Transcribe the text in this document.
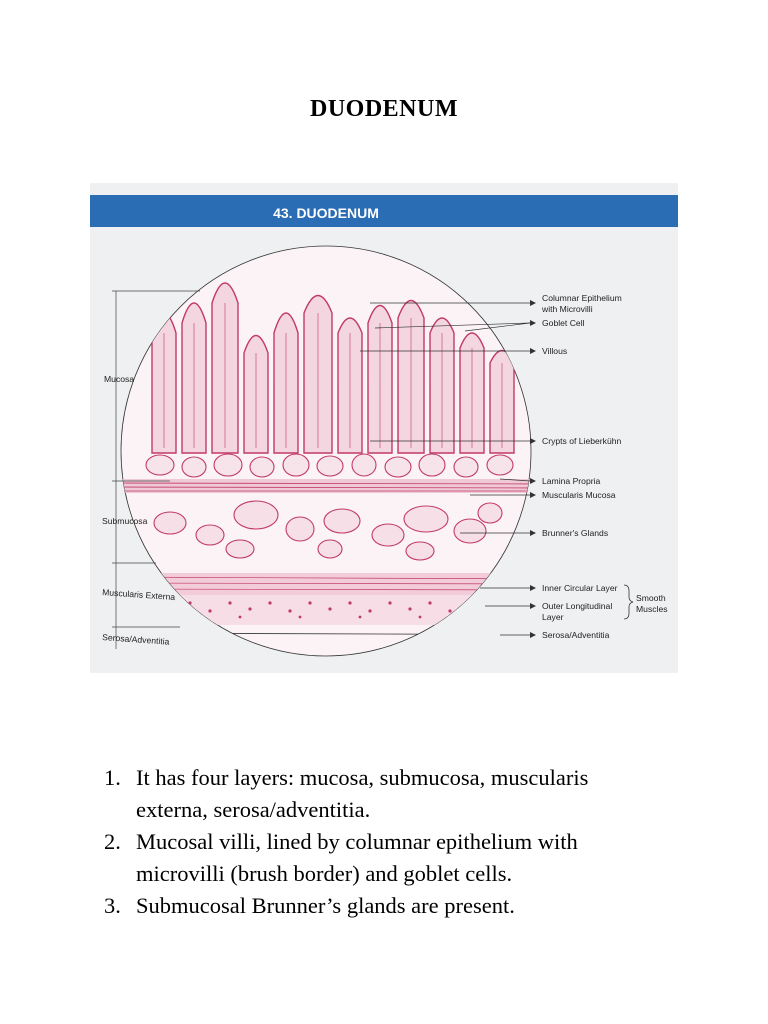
DUODENUM
43. DUODENUM
Mucosa
Submucosa
Muscularis Externa
Serosa/Adventitia
Columnar Epithelium
with Microvilli
Goblet Cell
Villous
Crypts of Lieberkühn
Lamina Propria
Muscularis Mucosa
Brunner's Glands
Inner Circular Layer
Outer Longitudinal
Layer
Serosa/Adventitia
Smooth
Muscles
1. It has four layers: mucosa, submucosa, muscularis
externa, serosa/adventitia.
2. Mucosal villi, lined by columnar epithelium with
microvilli (brush border) and goblet cells.
3. Submucosal Brunner’s glands are present.
